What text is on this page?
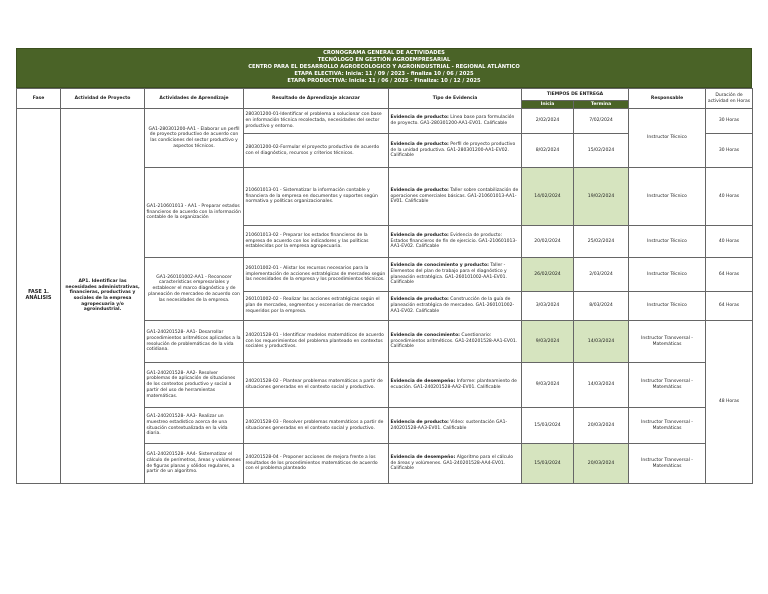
CRONOGRAMA GENERAL DE ACTIVIDADES
TECNÓLOGO EN GESTIÓN AGROEMPRESARIAL
CENTRO PARA EL DESARROLLO AGROECOLOGICO Y AGROINDUSTRIAL - REGIONAL ATLÁNTICO
ETAPA ELECTIVA: Inicia: 11 / 09 / 2023 - finaliza 10 / 06 / 2025
ETAPA PRODUCTIVA: Inicia: 11 / 06 / 2025 - Finaliza: 10 / 12 / 2025
Fase	Actividad de Proyecto	Actividades de Aprendizaje	Resultado de Aprendizaje alcanzar	Tipo de Evidencia	TIEMPOS DE ENTREGA		Responsable	Duración de actividad en Horas
					Inicia	Termina		
FASE 1. ANÁLISIS	AP1. Identificar las necesidades administrativas, financieras, productivas y sociales de la empresa agropecuaria y/o agroindustrial.	GA1-280301200-AA1 - Elaborar un perfil de proyecto productivo de acuerdo con las condiciones del sector productivo y aspectos técnicos.	280301200-01-Identificar el problema a solucionar con base en información técnica recolectada, necesidades del sector productivo y entorno.	Evidencia de producto: Línea base para formulación de proyecto. GA1-280301200-AA1-EV01. Calificable	2/02/2024	7/02/2024	Instructor Técnico	30 Horas
			280301200-02-Formular el proyecto productivo de acuerdo con el diagnóstico, recursos y criterios técnicos.	Evidencia de producto: Perfil de proyecto productivo de la unidad productiva. GA1-280301200-AA1-EV02. Calificable	8/02/2024	15/02/2024		30 Horas
		GA1-210601013 - AA1 - Preparar estados financieros de acuerdo con la información contable de la organización	210601013-01 - Sistematizar la información contable y financiera de la empresa en documentos y soportes según normativa y políticas organizacionales.	Evidencia de producto: Taller sobre contabilización de operaciones comerciales básicas. GA1-210601013-AA1-EV01. Calificable	14/02/2024	19/02/2024	Instructor Técnico	40 Horas
			210601013-02 - Preparar los estados financieros de la empresa de acuerdo con los indicadores y las políticas establecidas por la empresa agropecuaria.	Evidencia de producto: Evidencia de producto: Estados financieros de fin de ejercicio. GA1-210601013-AA1-EV02. Calificable	20/02/2024	25/02/2024	Instructor Técnico	40 Horas
		GA1-260101002-AA1 - Reconocer características empresariales y establecer el marco diagnóstico y de planeación de mercadeo de acuerdo con las necesidades de la empresa.	260101002-01 - Alistar los recursos necesarios para la implementación de acciones estratégicas de mercadeo según las necesidades de la empresa y los procedimientos técnicos.	Evidencia de conocimiento y producto: Taller - Elementos del plan de trabajo para el diagnóstico y planeación estratégica. GA1-260101002-AA1-EV01. Calificable	26/02/2024	2/03/2024	Instructor Técnico	64 Horas
			260101002-02 - Realizar las acciones estratégicas según el plan de mercadeo, segmentos y escenarios de mercados requeridos por la empresa.	Evidencia de producto: Construcción de la guía de planeación estratégica de mercadeo. GA1-260101002-AA1-EV02. Calificable	3/03/2024	8/03/2024	Instructor Técnico	64 Horas
		GA1-240201528- AA1- Desarrollar procedimientos aritméticos aplicados a la resolución de problemáticas de la vida cotidiana.	240201528-01 - Identificar modelos matemáticos de acuerdo con los requerimientos del problema planteado en contextos sociales y productivos.	Evidencia de conocimiento: Cuestionario: procedimientos aritméticos. GA1-240201528-AA1-EV01. Calificable	9/03/2024	14/03/2024	Instructor Transversal - Matemáticas	48 Horas
		GA1-240201528- AA2- Resolver problemas de aplicación de situaciones de los contextos productivo y social a partir del uso de herramientas matemáticas.	240201528-02 - Plantear problemas matemáticos a partir de situaciones generadas en el contexto social y productivo.	Evidencia de desempeño: Informe: planteamiento de ecuación. GA1-240201528-AA2-EV01. Calificable	9/03/2024	14/03/2024	Instructor Transversal - Matemáticas	
		GA1-240201528- AA3- Realizar un muestreo estadístico acerca de una situación contextualizada en la vida diaria.	240201528-03 - Resolver problemas matemáticos a partir de situaciones generadas en el contexto social y productivo.	Evidencia de producto: Video: sustentación GA1-240201528-AA3-EV01. Calificable	15/03/2024	20/03/2024	Instructor Transversal - Matemáticas	
		GA1-240201528- AA4- Sistematizar el cálculo de perímetros, áreas y volúmenes de figuras planas y sólidos regulares, a partir de un algoritmo.	240201528-04 - Proponer acciones de mejora frente a los resultados de los procedimientos matemáticos de acuerdo con el problema planteado	Evidencia de desempeño: Algoritmo para el cálculo de áreas y volúmenes. GA1-240201528-AA4-EV01. Calificable	15/03/2024	20/03/2024	Instructor Transversal - Matemáticas	
